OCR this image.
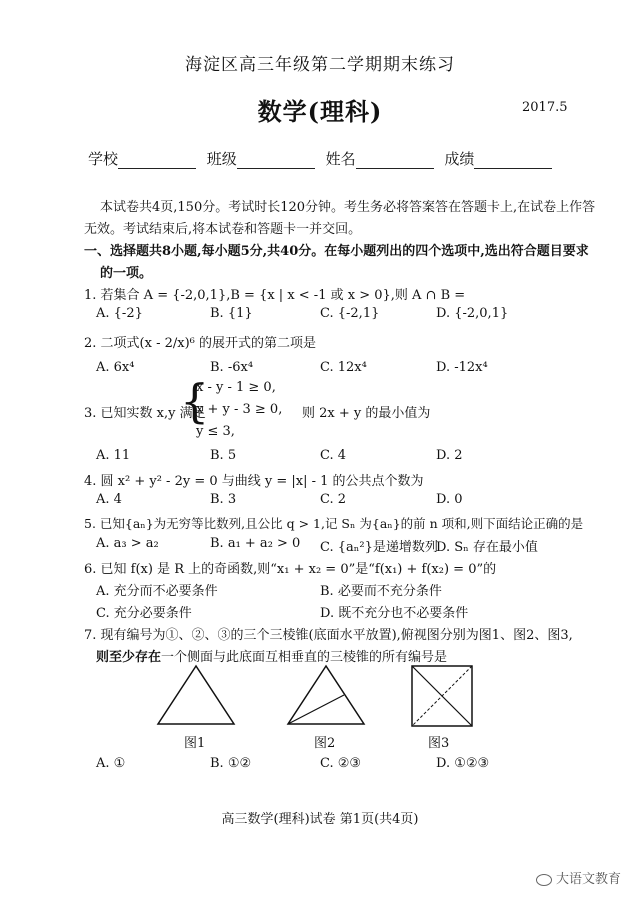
海淀区高三年级第二学期期末练习
数学(理科)	2017.5
学校	班级	姓名	成绩
本试卷共4页,150分。考试时长120分钟。考生务必将答案答在答题卡上,在试卷上作答
无效。考试结束后,将本试卷和答题卡一并交回。
一、选择题共8小题,每小题5分,共40分。在每小题列出的四个选项中,选出符合题目要求
的一项。
1. 若集合 A = {-2,0,1},B = {x | x < -1 或 x > 0},则 A ∩ B =
A. {-2}	B. {1}	C. {-2,1}	D. {-2,0,1}
2. 二项式(x - 2/x)⁶ 的展开式的第二项是
A. 6x⁴	B. -6x⁴	C. 12x⁴	D. -12x⁴
3. 已知实数 x,y 满足
{
x - y - 1 ≥ 0,
x + y - 3 ≥ 0,
y ≤ 3,
则 2x + y 的最小值为
A. 11	B. 5	C. 4	D. 2
4. 圆 x² + y² - 2y = 0 与曲线 y = |x| - 1 的公共点个数为
A. 4	B. 3	C. 2	D. 0
5. 已知{aₙ}为无穷等比数列,且公比 q > 1,记 Sₙ 为{aₙ}的前 n 项和,则下面结论正确的是
A. a₃ > a₂	B. a₁ + a₂ > 0 C. {aₙ²}是递增数列
D. Sₙ 存在最小值
6. 已知 f(x) 是 R 上的奇函数,则“x₁ + x₂ = 0”是“f(x₁) + f(x₂) = 0”的
A. 充分而不必要条件	B. 必要而不充分条件
C. 充分必要条件	D. 既不充分也不必要条件
7. 现有编号为①、②、③的三个三棱锥(底面水平放置),俯视图分别为图1、图2、图3,
则至少存在一个侧面与此底面互相垂直的三棱锥的所有编号是
图1	图2	图3
A. ①	B. ①②	C. ②③	D. ①②③
高三数学(理科)试卷 第1页(共4页)
大语文教育
